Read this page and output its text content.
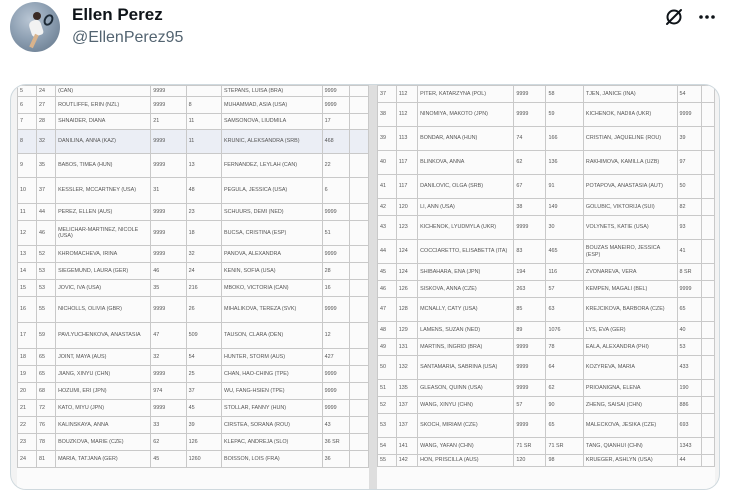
Ellen Perez
@EllenPerez95
5	24	(CAN)	9999		STEPANS, LUISA (BRA)	9999	
6	27	ROUTLIFFE, ERIN (NZL)	9999	8	MUHAMMAD, ASIA (USA)	9999	
7	28	SHNAIDER, DIANA	21	11	SAMSONOVA, LIUDMILA	17	
8	32	DANILINA, ANNA (KAZ)	9999	11	KRUNIC, ALEKSANDRA (SRB)	468	
9	35	BABOS, TIMEA (HUN)	9999	13	FERNANDEZ, LEYLAH (CAN)	22	
10	37	KESSLER, MCCARTNEY (USA)	31	48	PEGULA, JESSICA (USA)	6	
11	44	PEREZ, ELLEN (AUS)	9999	23	SCHUURS, DEMI (NED)	9999	
12	46	MELICHAR-MARTINEZ, NICOLE (USA)	9999	18	BUCSA, CRISTINA (ESP)	51	
13	52	KHROMACHEVA, IRINA	9999	32	PANOVA, ALEXANDRA	9999	
14	53	SIEGEMUND, LAURA (GER)	46	24	KENIN, SOFIA (USA)	28	
15	53	JOVIC, IVA (USA)	35	216	MBOKO, VICTORIA (CAN)	16	
16	55	NICHOLLS, OLIVIA (GBR)	9999	26	MIHALIKOVA, TEREZA (SVK)	9999	
17	59	PAVLYUCHENKOVA, ANASTASIA	47	509	TAUSON, CLARA (DEN)	12	
18	65	JOINT, MAYA (AUS)	32	54	HUNTER, STORM (AUS)	427	
19	65	JIANG, XINYU (CHN)	9999	25	CHAN, HAO-CHING (TPE)	9999	
20	68	HOZUMI, ERI (JPN)	974	37	WU, FANG-HSIEN (TPE)	9999	
21	72	KATO, MIYU (JPN)	9999	45	STOLLAR, FANNY (HUN)	9999	
22	76	KALINSKAYA, ANNA	33	39	CIRSTEA, SORANA (ROU)	43	
23	78	BOUZKOVA, MARIE (CZE)	62	126	KLEPAC, ANDREJA (SLO)	36 SR	
24	81	MARIA, TATJANA (GER)	45	1260	BOISSON, LOIS (FRA)	36	
37	112	PITER, KATARZYNA (POL)	9999	58	TJEN, JANICE (INA)	54	
38	112	NINOMIYA, MAKOTO (JPN)	9999	59	KICHENOK, NADIIA (UKR)	9999	
39	113	BONDAR, ANNA (HUN)	74	166	CRISTIAN, JAQUELINE (ROU)	39	
40	117	BLINKOVA, ANNA	62	136	RAKHIMOVA, KAMILLA (UZB)	97	
41	117	DANILOVIC, OLGA (SRB)	67	91	POTAPOVA, ANASTASIA (AUT)	50	
42	120	LI, ANN (USA)	38	149	GOLUBIC, VIKTORIJA (SUI)	82	
43	123	KICHENOK, LYUDMYLA (UKR)	9999	30	VOLYNETS, KATIE (USA)	93	
44	124	COCCIARETTO, ELISABETTA (ITA)	83	465	BOUZAS MANEIRO, JESSICA (ESP)	41	
45	124	SHIBAHARA, ENA (JPN)	194	116	ZVONAREVA, VERA	8 SR	
46	126	SISKOVA, ANNA (CZE)	263	57	KEMPEN, MAGALI (BEL)	9999	
47	128	MCNALLY, CATY (USA)	85	63	KREJCIKOVA, BARBORA (CZE)	65	
48	129	LAMENS, SUZAN (NED)	89	1076	LYS, EVA (GER)	40	
49	131	MARTINS, INGRID (BRA)	9999	78	EALA, ALEXANDRA (PHI)	53	
50	132	SANTAMARIA, SABRINA (USA)	9999	64	KOZYREVA, MARIA	433	
51	135	GLEASON, QUINN (USA)	9999	62	PRIOANIGNA, ELENA	190	
52	137	WANG, XINYU (CHN)	57	90	ZHENG, SAISAI (CHN)	886	
53	137	SKOCH, MIRIAM (CZE)	9999	65	MALECKOVA, JESIKA (CZE)	693	
54	141	WANG, YAFAN (CHN)	71 SR	71 SR	TANG, QIANHUI (CHN)	1343	
55	142	HON, PRISCILLA (AUS)	120	98	KRUEGER, ASHLYN (USA)	44	
